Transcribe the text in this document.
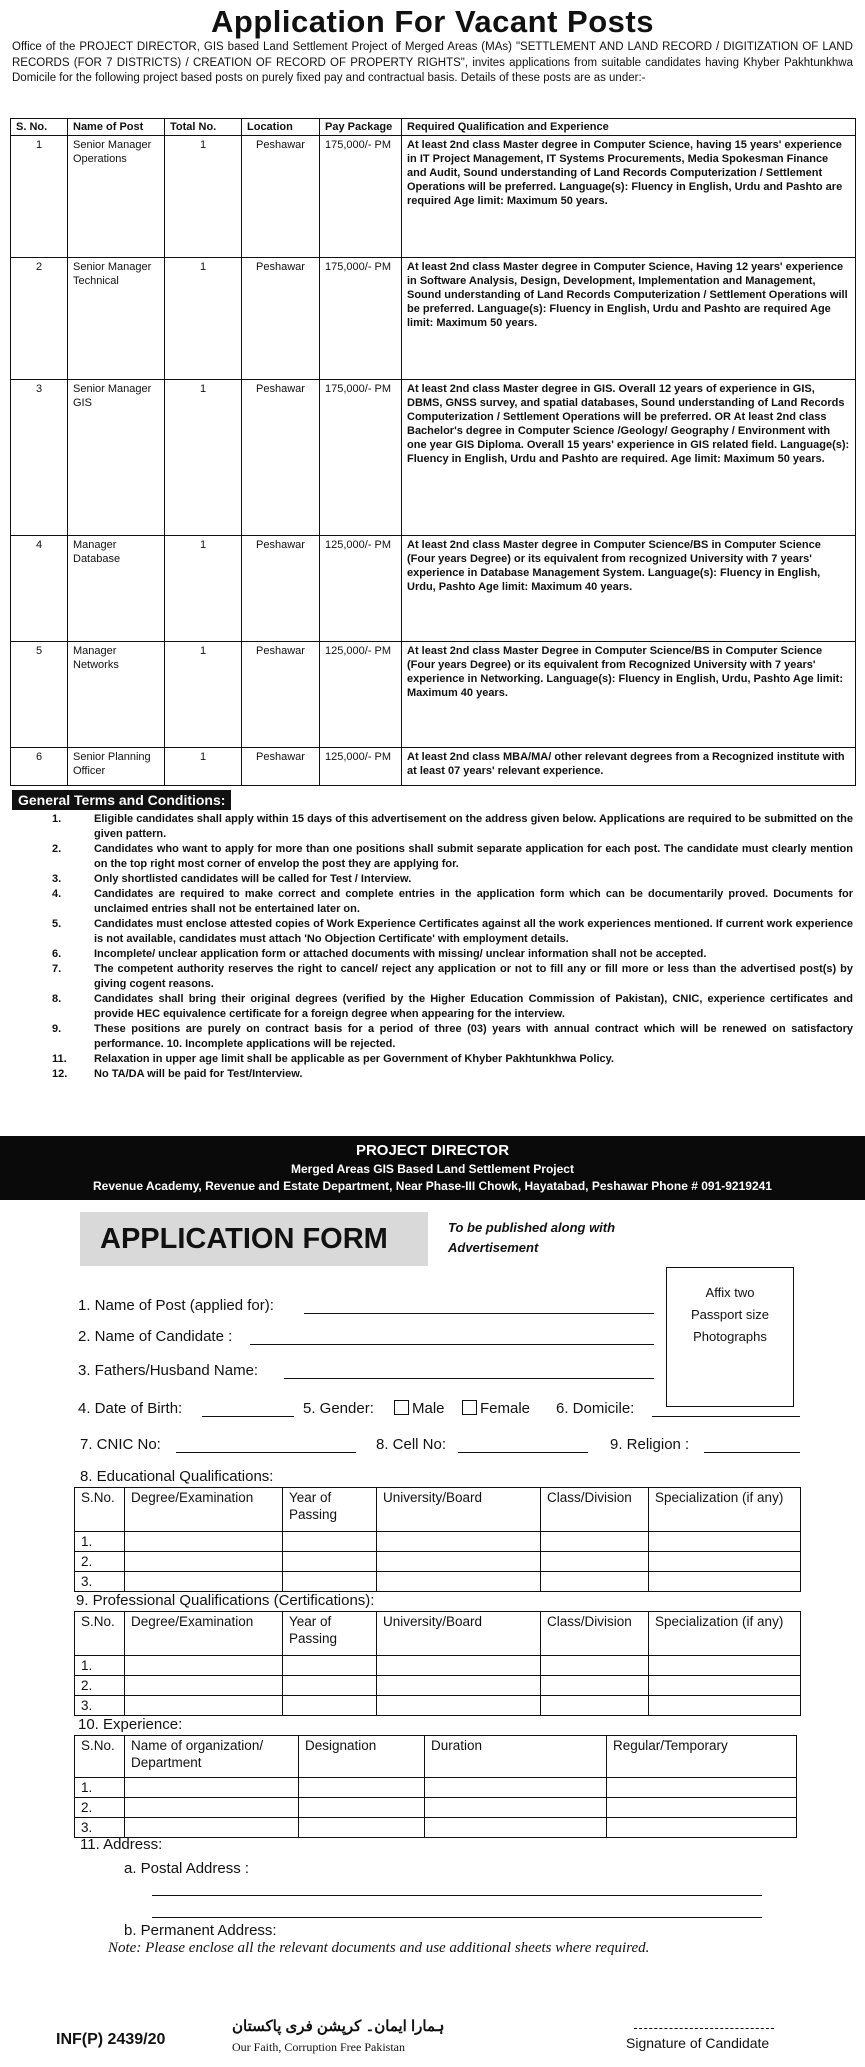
Application For Vacant Posts
Office of the PROJECT DIRECTOR, GIS based Land Settlement Project of Merged Areas (MAs) "SETTLEMENT AND LAND RECORD / DIGITIZATION OF LAND RECORDS (FOR 7 DISTRICTS) / CREATION OF RECORD OF PROPERTY RIGHTS", invites applications from suitable candidates having Khyber Pakhtunkhwa Domicile for the following project based posts on purely fixed pay and contractual basis. Details of these posts are as under:-
S. No.	Name of Post	Total No.	Location	Pay Package	Required Qualification and Experience
1	Senior Manager Operations	1	Peshawar	175,000/- PM	At least 2nd class Master degree in Computer Science, having 15 years' experience in IT Project Management, IT Systems Procurements, Media Spokesman Finance and Audit, Sound understanding of Land Records Computerization / Settlement Operations will be preferred. Language(s): Fluency in English, Urdu and Pashto are required Age limit: Maximum 50 years.
2	Senior Manager Technical	1	Peshawar	175,000/- PM	At least 2nd class Master degree in Computer Science, Having 12 years' experience in Software Analysis, Design, Development, Implementation and Management, Sound understanding of Land Records Computerization / Settlement Operations will be preferred. Language(s): Fluency in English, Urdu and Pashto are required Age limit: Maximum 50 years.
3	Senior Manager GIS	1	Peshawar	175,000/- PM	At least 2nd class Master degree in GIS. Overall 12 years of experience in GIS, DBMS, GNSS survey, and spatial databases, Sound understanding of Land Records Computerization / Settlement Operations will be preferred. OR At least 2nd class Bachelor's degree in Computer Science /Geology/ Geography / Environment with one year GIS Diploma. Overall 15 years' experience in GIS related field. Language(s): Fluency in English, Urdu and Pashto are required. Age limit: Maximum 50 years.
4	Manager Database	1	Peshawar	125,000/- PM	At least 2nd class Master degree in Computer Science/BS in Computer Science (Four years Degree) or its equivalent from recognized University with 7 years' experience in Database Management System. Language(s): Fluency in English, Urdu, Pashto Age limit: Maximum 40 years.
5	Manager Networks	1	Peshawar	125,000/- PM	At least 2nd class Master Degree in Computer Science/BS in Computer Science (Four years Degree) or its equivalent from Recognized University with 7 years' experience in Networking. Language(s): Fluency in English, Urdu, Pashto Age limit: Maximum 40 years.
6	Senior Planning Officer	1	Peshawar	125,000/- PM	At least 2nd class MBA/MA/ other relevant degrees from a Recognized institute with at least 07 years' relevant experience.
General Terms and Conditions:
1.	Eligible candidates shall apply within 15 days of this advertisement on the address given below. Applications are required to be submitted on the given pattern.
2.	Candidates who want to apply for more than one positions shall submit separate application for each post. The candidate must clearly mention on the top right most corner of envelop the post they are applying for.
3.	Only shortlisted candidates will be called for Test / Interview.
4.	Candidates are required to make correct and complete entries in the application form which can be documentarily proved. Documents for unclaimed entries shall not be entertained later on.
5.	Candidates must enclose attested copies of Work Experience Certificates against all the work experiences mentioned. If current work experience is not available, candidates must attach 'No Objection Certificate' with employment details.
6.	Incomplete/ unclear application form or attached documents with missing/ unclear information shall not be accepted.
7.	The competent authority reserves the right to cancel/ reject any application or not to fill any or fill more or less than the advertised post(s) by giving cogent reasons.
8.	Candidates shall bring their original degrees (verified by the Higher Education Commission of Pakistan), CNIC, experience certificates and provide HEC equivalence certificate for a foreign degree when appearing for the interview.
9.	These positions are purely on contract basis for a period of three (03) years with annual contract which will be renewed on satisfactory performance. 10. Incomplete applications will be rejected.
11.	Relaxation in upper age limit shall be applicable as per Government of Khyber Pakhtunkhwa Policy.
12.	No TA/DA will be paid for Test/Interview.
PROJECT DIRECTOR
Merged Areas GIS Based Land Settlement Project
Revenue Academy, Revenue and Estate Department, Near Phase-III Chowk, Hayatabad, Peshawar Phone # 091-9219241
APPLICATION FORM	To be published along with
Advertisement
Affix two
Passport size
Photographs
1. Name of Post (applied for):
2. Name of Candidate :
3. Fathers/Husband Name:
4. Date of Birth:	5. Gender:	Male	Female 6. Domicile:
7. CNIC No:	8. Cell No:	9. Religion :
8. Educational Qualifications:
S.No.	Degree/Examination	Year of Passing	University/Board	Class/Division	Specialization (if any)
1.					
2.					
3.					
9. Professional Qualifications (Certifications):
S.No.	Degree/Examination	Year of Passing	University/Board	Class/Division	Specialization (if any)
1.					
2.					
3.					
10. Experience:
S.No.	Name of organization/ Department	Designation	Duration	Regular/Temporary
1.				
2.				
3.				
11. Address:
a. Postal Address :
b. Permanent Address:
Note: Please enclose all the relevant documents and use additional sheets where required.
INF(P) 2439/20
ہمارا ایمان۔ کرپشن فری پاکستان
Our Faith, Corruption Free Pakistan	Signature of Candidate
